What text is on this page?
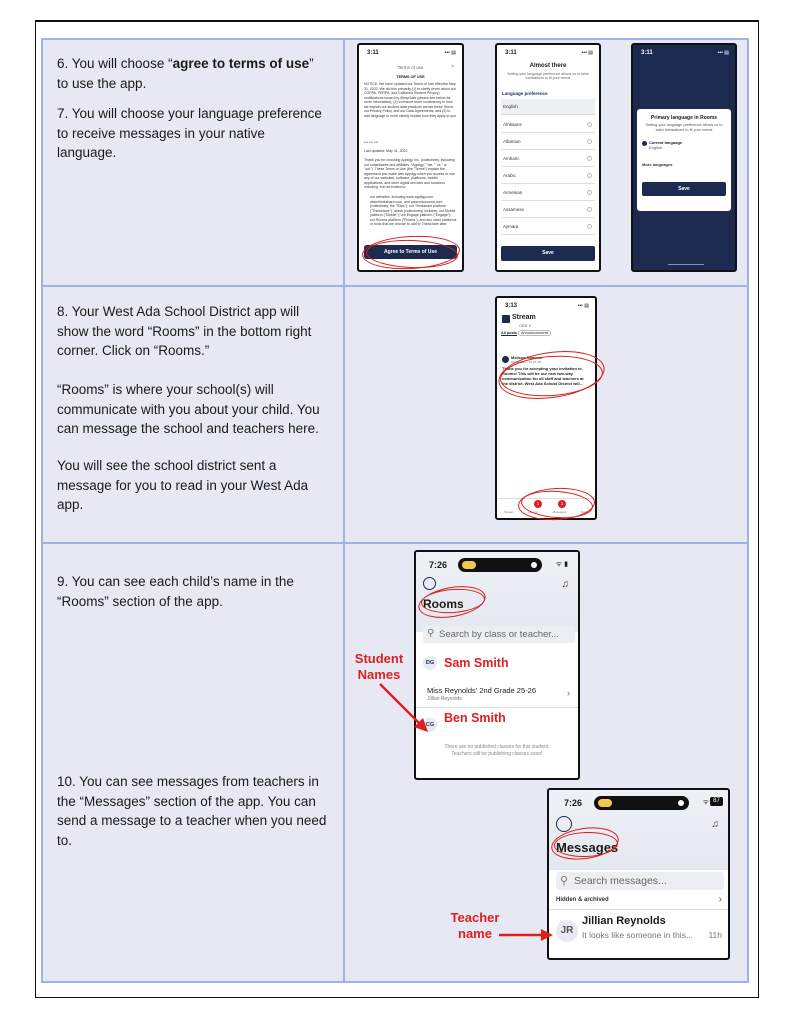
6. You will choose “agree to terms of use” to use the app.
7. You will choose your language preference to receive messages in your native language.
8. Your West Ada School District app will show the word “Rooms” in the bottom right corner. Click on “Rooms.”
“Rooms” is where your school(s) will communicate with you about your child. You can message the school and teachers here.
You will see the school district sent a message for you to read in your West Ada app.
9. You can see each child’s name in the “Rooms” section of the app.
10. You can see messages from teachers in the “Messages” section of the app. You can send a message to a teacher when you need to.
3:11	••• ▤
Terms of use	×
TERMS OF USE
NOTICE: We have updated our Terms of Use effective May 31, 2022. We did this primarily (1) to clarify (even about our COPPA, FERPA, and California Student Privacy) certifications issued by iKeepSafe (please see below for more information); (2) to ensure more consistency in how we explain our student data practices across these Terms, our Privacy Policy, and our Data Agreements; and (3) to add language to more clearly explain how they apply to you.
*** *** ***
Last updated: May 31, 2022
Thank you for choosing Appligy, Inc. (collectively, including our subsidiaries and affiliates, "Appligy," "we," "us," or "our"). These Terms of Use (the "Terms") explain the agreement you make with Appligy when you access or use any of our websites, software, platforms, mobile applications, and other digital services and functions including, but not limited to:
our websites, including www.appligy.com, www.thinkshare.com, and www.edurooms.com (collectively, the "Sites"); our Thinkshare platform ("Thinkshare"), which (collectively) includes; our Mobile platform ("Mobile"); our Engage platform ("Engage"); our Rooms platform ("Rooms"); and any other platforms or tools that we choose to add to Thinkshare later.
Agree to Terms of Use
3:11	••• ▤
Almost there
Setting your language preference allows us to tailor translations to fit your needs
Language preference
English
Afrikaans
Albanian
Amharic
Arabic
Armenian
Assamese
Aymara
Save
3:11	••• ▤
Primary language in Rooms
Setting your language preference allows us to tailor translations to fit your needs
Current language
English
More languages
Save
3:13	••• ▤
Stream
CES ∨
All posts	Announcements
Melissa Ramirez
09/14/2023 · 10:23 AM
Thank you for accepting your invitation to Rooms! This will be our new two-way communication for all staff and teachers at the district. West Ada School District will...
Stream	Rooms	Messages	More
1	1
7:26	ᯤ ▮
♫
Rooms
⚲ Search by class or teacher...
DG Sam Smith
Miss Reynolds' 2nd Grade 25-26
Jillian Reynolds
›
CG Ben Smith
There are no published classes for this student. Teachers will be publishing classes soon!
Student Names
7:26	ᯤ 87
♫
Messages
⚲ Search messages...
Hidden & archived	›
JR
Jillian Reynolds
It looks like someone in this... 11h
Teacher name
